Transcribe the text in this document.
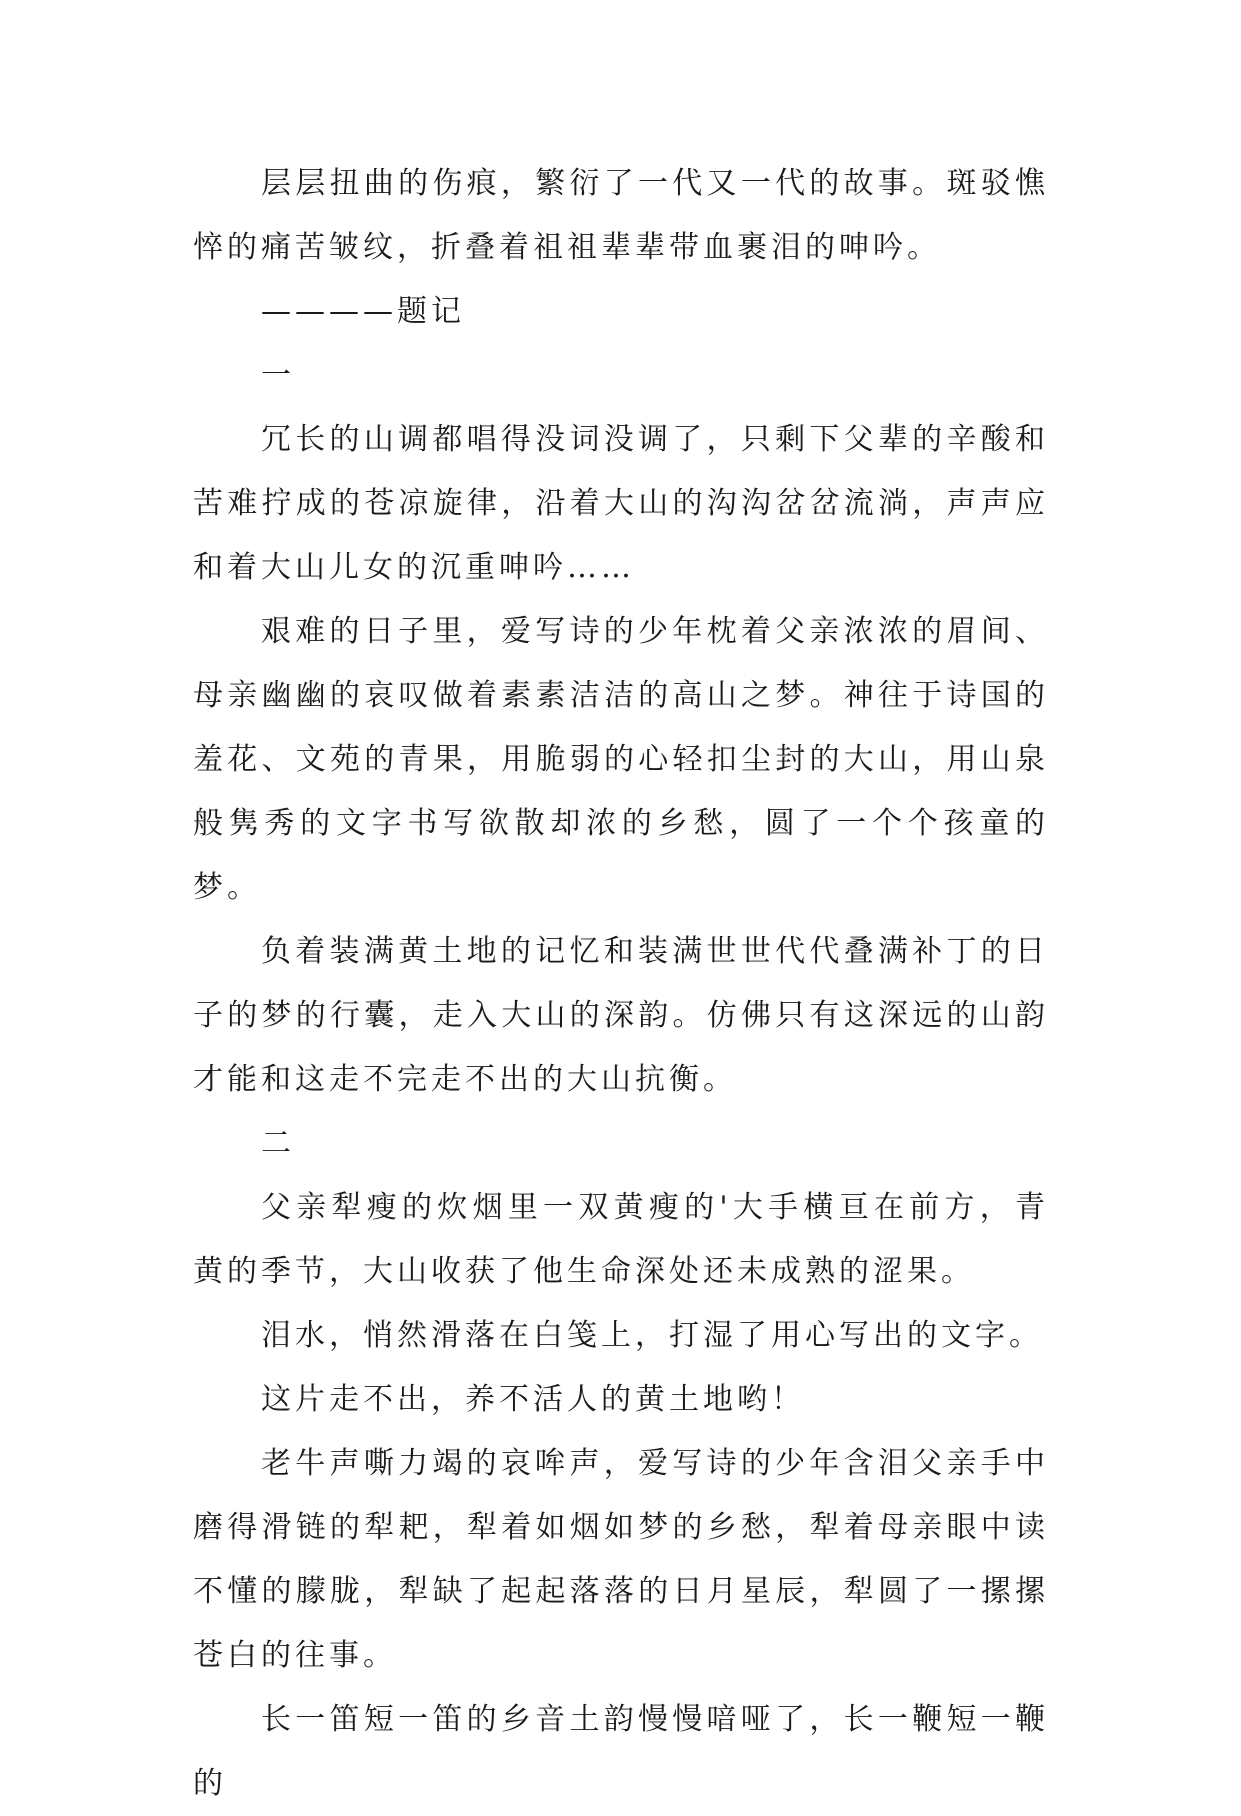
层层扭曲的伤痕，繁衍了一代又一代的故事。斑驳憔悴的痛苦皱纹，折叠着祖祖辈辈带血裹泪的呻吟。

————题记

一

冗长的山调都唱得没词没调了，只剩下父辈的辛酸和苦难拧成的苍凉旋律，沿着大山的沟沟岔岔流淌，声声应和着大山儿女的沉重呻吟……

艰难的日子里，爱写诗的少年枕着父亲浓浓的眉间、母亲幽幽的哀叹做着素素洁洁的高山之梦。神往于诗国的羞花、文苑的青果，用脆弱的心轻扣尘封的大山，用山泉般隽秀的文字书写欲散却浓的乡愁，圆了一个个孩童的梦。

负着装满黄土地的记忆和装满世世代代叠满补丁的日子的梦的行囊，走入大山的深韵。仿佛只有这深远的山韵才能和这走不完走不出的大山抗衡。

二

父亲犁瘦的炊烟里一双黄瘦的'大手横亘在前方，青黄的季节，大山收获了他生命深处还未成熟的涩果。

泪水，悄然滑落在白笺上，打湿了用心写出的文字。

这片走不出，养不活人的黄土地哟！

老牛声嘶力竭的哀哞声，爱写诗的少年含泪父亲手中磨得滑链的犁耙，犁着如烟如梦的乡愁，犁着母亲眼中读不懂的朦胧，犁缺了起起落落的日月星辰，犁圆了一摞摞苍白的往事。

长一笛短一笛的乡音土韵慢慢喑哑了，长一鞭短一鞭的
